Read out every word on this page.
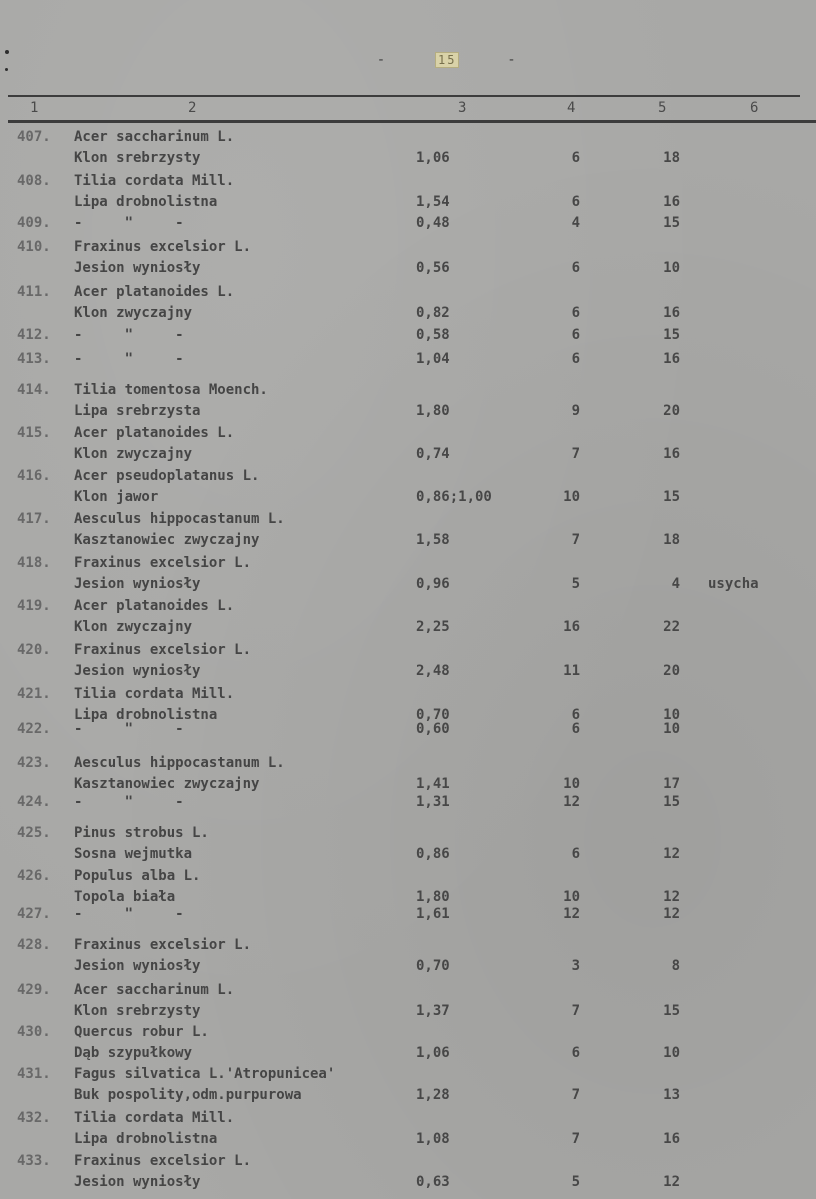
-	15	-
1	2	3	4	5	6
407. Acer saccharinum L.
Klon srebrzysty	1,06	6	18
408. Tilia cordata Mill.
Lipa drobnolistna	1,54	6	16
409. -     "     -	0,48	4	15
410. Fraxinus excelsior L.
Jesion wyniosły	0,56	6	10
411. Acer platanoides L.
Klon zwyczajny	0,82	6	16
412. -     "     -	0,58	6	15
413. -     "     -	1,04	6	16
414. Tilia tomentosa Moench.
Lipa srebrzysta	1,80	9	20
415. Acer platanoides L.
Klon zwyczajny	0,74	7	16
416. Acer pseudoplatanus L.
Klon jawor	0,86;1,00	10	15
417. Aesculus hippocastanum L.
Kasztanowiec zwyczajny	1,58	7	18
418. Fraxinus excelsior L.
Jesion wyniosły	0,96	5	4 usycha
419. Acer platanoides L.
Klon zwyczajny	2,25	16	22
420. Fraxinus excelsior L.
Jesion wyniosły	2,48	11	20
421. Tilia cordata Mill.
Lipa drobnolistna	0,70	6	10
422. -     "     -	0,60	6	10
423. Aesculus hippocastanum L.
Kasztanowiec zwyczajny	1,41	10	17
424. -     "     -	1,31	12	15
425. Pinus strobus L.
Sosna wejmutka	0,86	6	12
426. Populus alba L.
Topola biała	1,80	10	12
427. -     "     -	1,61	12	12
428. Fraxinus excelsior L.
Jesion wyniosły	0,70	3	8
429. Acer saccharinum L.
Klon srebrzysty	1,37	7	15
430. Quercus robur L.
Dąb szypułkowy	1,06	6	10
431. Fagus silvatica L.'Atropunicea'
Buk pospolity,odm.purpurowa	1,28	7	13
432. Tilia cordata Mill.
Lipa drobnolistna	1,08	7	16
433. Fraxinus excelsior L.
Jesion wyniosły	0,63	5	12
